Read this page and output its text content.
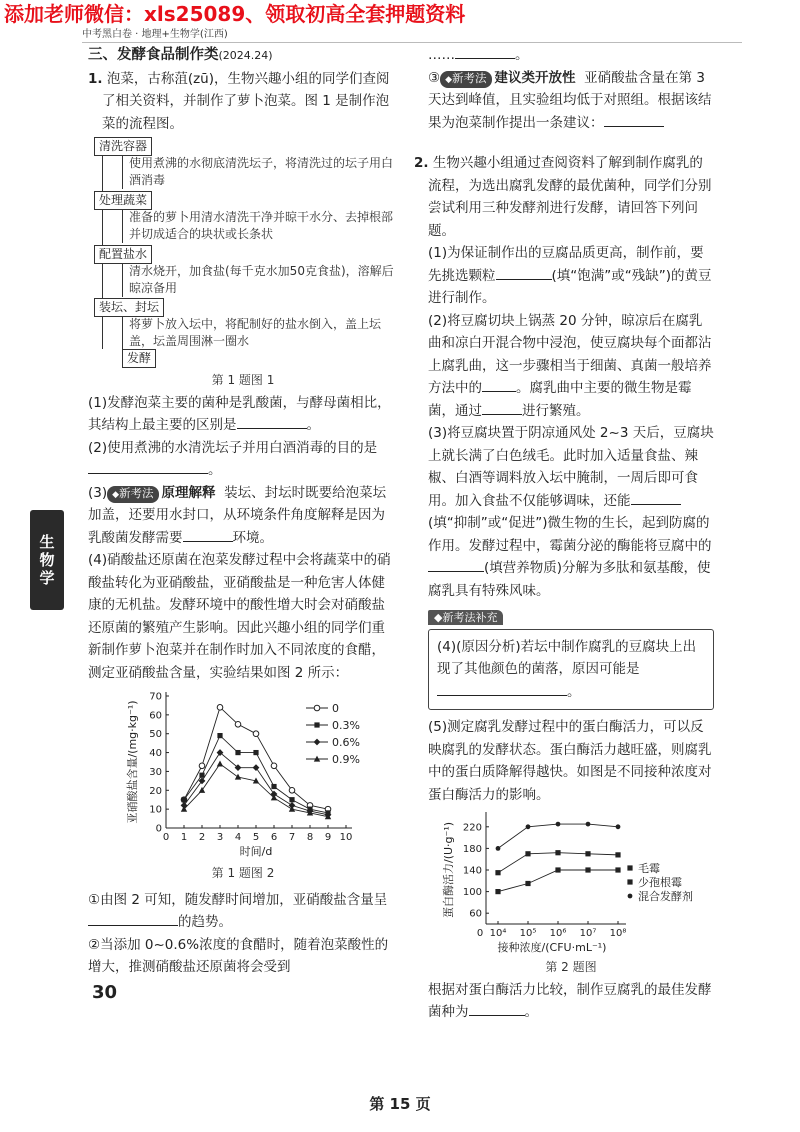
添加老师微信：xls25089、领取初高全套押题资料
中考黑白卷 · 地理+生物学(江西)
生
物
学

三、发酵食品制作类(2024.24)

1. 泡菜，古称菹(zū)，生物兴趣小组的同学们查阅了相关资料，并制作了萝卜泡菜。图 1 是制作泡菜的流程图。

清洗容器
使用煮沸的水彻底清洗坛子，将清洗过的坛子用白酒消毒
处理蔬菜
准备的萝卜用清水清洗干净并晾干水分、去掉根部并切成适合的块状或长条状
配置盐水
清水烧开，加食盐(每千克水加50克食盐)，溶解后晾凉备用
装坛、封坛
将萝卜放入坛中，将配制好的盐水倒入，盖上坛盖，坛盖周围淋一圈水
发酵
第 1 题图 1

(1)发酵泡菜主要的菌种是乳酸菌，与酵母菌相比，其结构上最主要的区别是	。

(2)使用煮沸的水清洗坛子并用白酒消毒的目的是。

(3) ◆新考法 原理解释 装坛、封坛时既要给泡菜坛加盖，还要用水封口，从环境条件角度解释是因为乳酸菌发酵需要	环境。

(4)硝酸盐还原菌在泡菜发酵过程中会将蔬菜中的硝酸盐转化为亚硝酸盐，亚硝酸盐是一种危害人体健康的无机盐。发酵环境中的酸性增大时会对硝酸盐还原菌的繁殖产生影响。因此兴趣小组的同学们重新制作萝卜泡菜并在制作时加入不同浓度的食醋，测定亚硝酸盐含量，实验结果如图 2 所示：

0 1 2 3 4 5 6 7 8 9 10
0
10
20
30
40
50
60
70
时间/d
亚硝酸盐含量/(mg·kg⁻¹)	0
0.3%
0.6%
0.9%
第 1 题图 2

①由图 2 可知，随发酵时间增加，亚硝酸盐含量呈的趋势。

②当添加 0~0.6%浓度的食醋时，随着泡菜酸性的增大，推测硝酸盐还原菌将会受到

30

……	。

③ ◆新考法 建议类开放性 亚硝酸盐含量在第 3 天达到峰值，且实验组均低于对照组。根据该结果为泡菜制作提出一条建议：

2. 生物兴趣小组通过查阅资料了解到制作腐乳的流程，为选出腐乳发酵的最优菌种，同学们分别尝试利用三种发酵剂进行发酵，请回答下列问题。

(1)为保证制作出的豆腐品质更高，制作前，要先挑选颗粒	(填“饱满”或“残缺”)的黄豆进行制作。

(2)将豆腐切块上锅蒸 20 分钟，晾凉后在腐乳曲和凉白开混合物中浸泡，使豆腐块每个面都沾上腐乳曲，这一步骤相当于细菌、真菌一般培养方法中的	。腐乳曲中主要的微生物是霉菌，通过	进行繁殖。

(3)将豆腐块置于阴凉通风处 2~3 天后，豆腐块上就长满了白色绒毛。此时加入适量食盐、辣椒、白酒等调料放入坛中腌制，一周后即可食用。加入食盐不仅能够调味，还能(填“抑制”或“促进”)微生物的生长，起到防腐的作用。发酵过程中，霉菌分泌的酶能将豆腐中的(填营养物质)分解为多肽和氨基酸，使腐乳具有特殊风味。

◆新考法补充
(4)(原因分析)若坛中制作腐乳的豆腐块上出现了其他颜色的菌落，原因可能是。

(5)测定腐乳发酵过程中的蛋白酶活力，可以反映腐乳的发酵状态。蛋白酶活力越旺盛，则腐乳中的蛋白质降解得越快。如图是不同接种浓度对蛋白酶活力的影响。

0 10⁴ 10⁵ 10⁶ 10⁷ 10⁸
60
100
140
180
220
接种浓度/(CFU·mL⁻¹)
蛋白酶活力/(U·g⁻¹)	毛霉
少孢根霉
混合发酵剂
第 2 题图

根据对蛋白酶活力比较，制作豆腐乳的最佳发酵菌种为	。

第 15 页
